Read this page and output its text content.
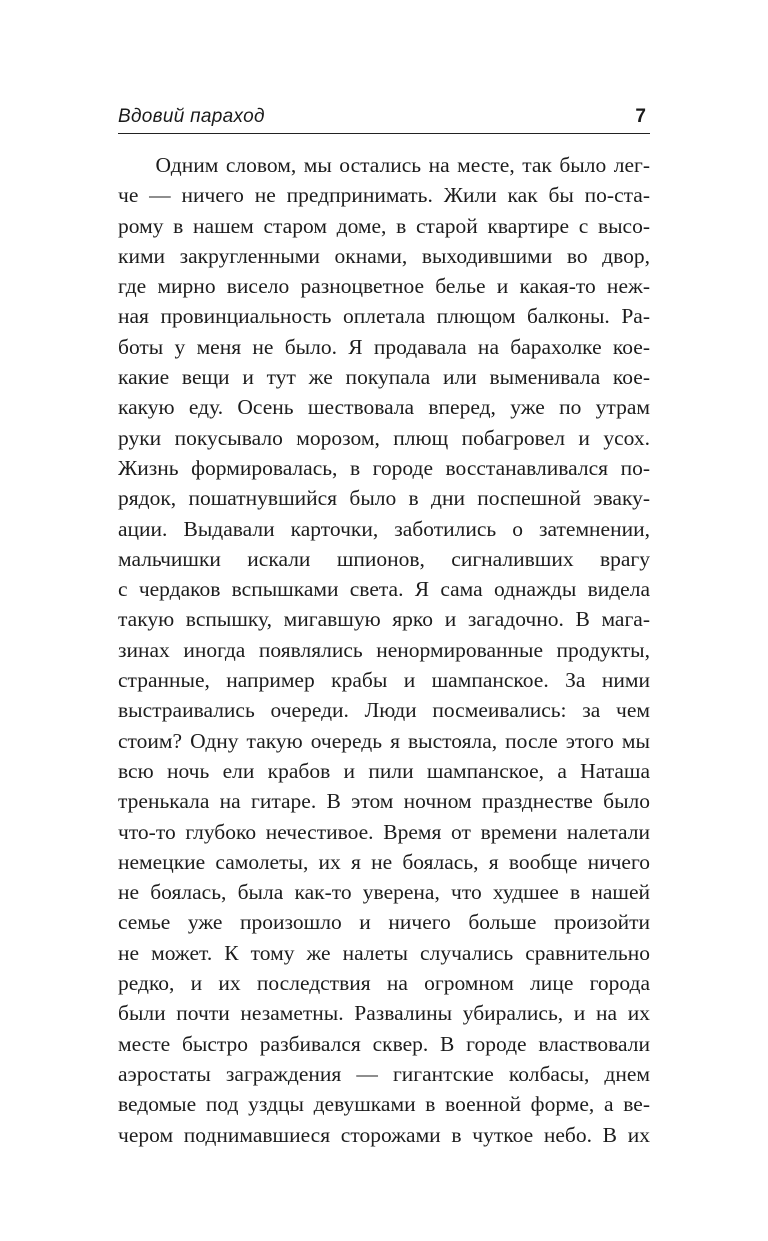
Вдовий параход	7
Одним словом, мы остались на месте, так было лег-
че — ничего не предпринимать. Жили как бы по-ста-
рому в нашем старом доме, в старой квартире с высо-
кими закругленными окнами, выходившими во двор,
где мирно висело разноцветное белье и какая-то неж-
ная провинциальность оплетала плющом балконы. Ра-
боты у меня не было. Я продавала на барахолке кое-
какие вещи и тут же покупала или выменивала кое-
какую еду. Осень шествовала вперед, уже по утрам
руки покусывало морозом, плющ побагровел и усох.
Жизнь формировалась, в городе восстанавливался по-
рядок, пошатнувшийся было в дни поспешной эваку-
ации. Выдавали карточки, заботились о затемнении,
мальчишки искали шпионов, сигналивших врагу
с чердаков вспышками света. Я сама однажды видела
такую вспышку, мигавшую ярко и загадочно. В мага-
зинах иногда появлялись ненормированные продукты,
странные, например крабы и шампанское. За ними
выстраивались очереди. Люди посмеивались: за чем
стоим? Одну такую очередь я выстояла, после этого мы
всю ночь ели крабов и пили шампанское, а Наташа
тренькала на гитаре. В этом ночном празднестве было
что-то глубоко нечестивое. Время от времени налетали
немецкие самолеты, их я не боялась, я вообще ничего
не боялась, была как-то уверена, что худшее в нашей
семье уже произошло и ничего больше произойти
не может. К тому же налеты случались сравнительно
редко, и их последствия на огромном лице города
были почти незаметны. Развалины убирались, и на их
месте быстро разбивался сквер. В городе властвовали
аэростаты заграждения — гигантские колбасы, днем
ведомые под уздцы девушками в военной форме, а ве-
чером поднимавшиеся сторожами в чуткое небо. В их
